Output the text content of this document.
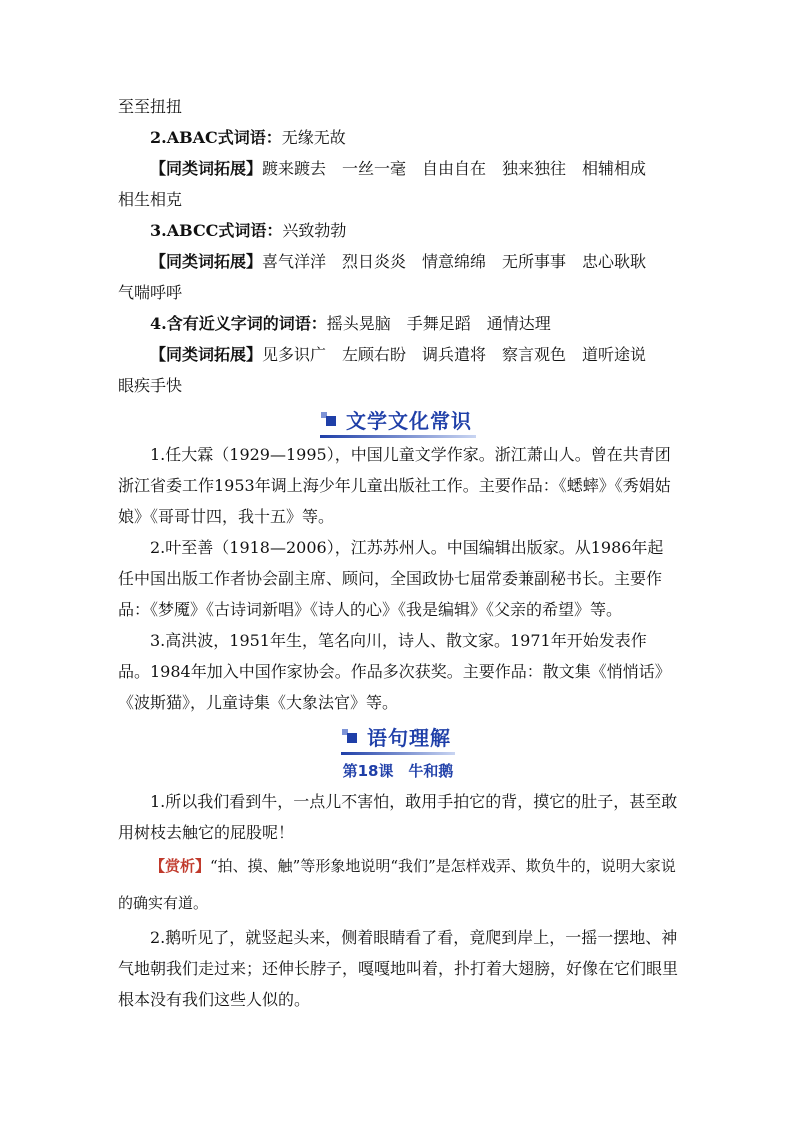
至至扭扭

2.ABAC式词语：无缘无故

【同类词拓展】踱来踱去　一丝一毫　自由自在　独来独往　相辅相成

相生相克

3.ABCC式词语：兴致勃勃

【同类词拓展】喜气洋洋　烈日炎炎　情意绵绵　无所事事　忠心耿耿

气喘呼呼

4.含有近义字词的词语：摇头晃脑　手舞足蹈　通情达理

【同类词拓展】见多识广　左顾右盼　调兵遣将　察言观色　道听途说

眼疾手快

文学文化常识

1.任大霖（1929—1995），中国儿童文学作家。浙江萧山人。曾在共青团浙江省委工作1953年调上海少年儿童出版社工作。主要作品：《蟋蟀》《秀娟姑娘》《哥哥廿四，我十五》等。

2.叶至善（1918—2006），江苏苏州人。中国编辑出版家。从1986年起任中国出版工作者协会副主席、顾问，全国政协七届常委兼副秘书长。主要作品：《梦魇》《古诗词新唱》《诗人的心》《我是编辑》《父亲的希望》等。

3.高洪波，1951年生，笔名向川，诗人、散文家。1971年开始发表作品。1984年加入中国作家协会。作品多次获奖。主要作品：散文集《悄悄话》《波斯猫》，儿童诗集《大象法官》等。

语句理解

第18课　牛和鹅

1.所以我们看到牛，一点儿不害怕，敢用手拍它的背，摸它的肚子，甚至敢用树枝去触它的屁股呢！

【赏析】“拍、摸、触”等形象地说明“我们”是怎样戏弄、欺负牛的，说明大家说的确实有道。

2.鹅听见了，就竖起头来，侧着眼睛看了看，竟爬到岸上，一摇一摆地、神气地朝我们走过来；还伸长脖子，嘎嘎地叫着，扑打着大翅膀，好像在它们眼里根本没有我们这些人似的。
